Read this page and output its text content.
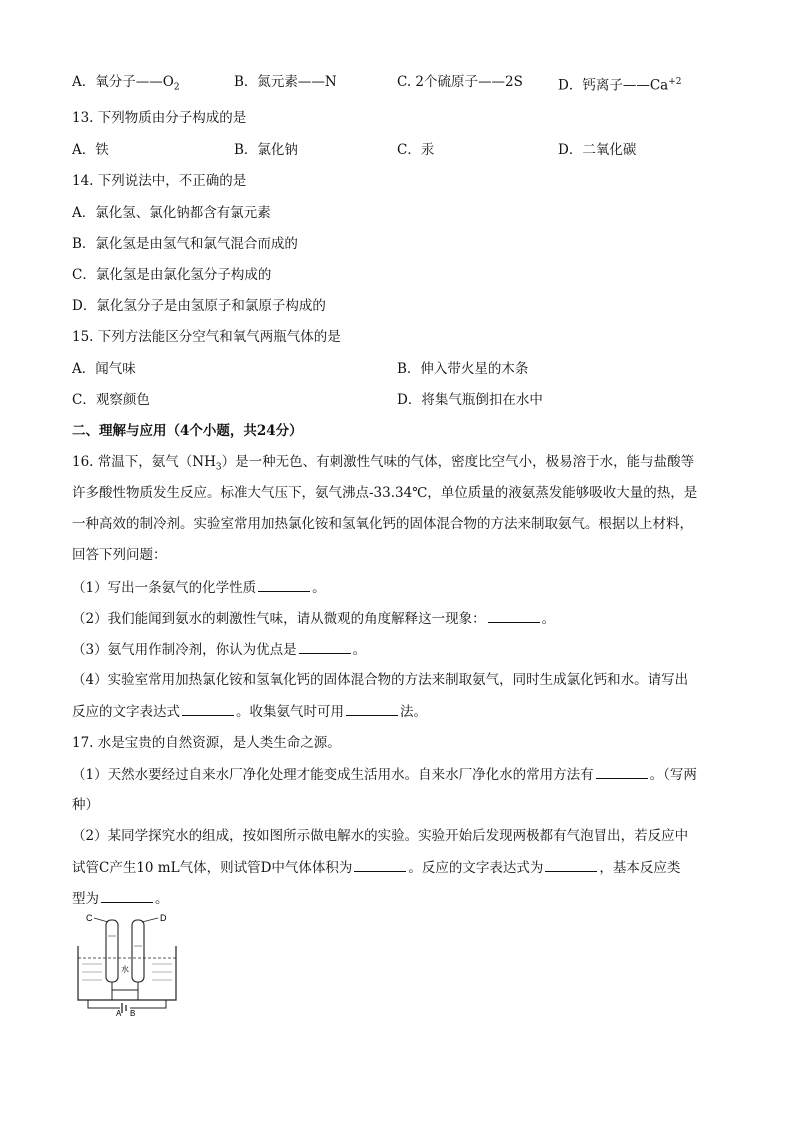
A．氧分子$——O_2$	B．氮元素——N	C. 2个硫原子——2S	D．钙离子$——Ca^{+2}$
13. 下列物质由分子构成的是
A．铁	B．氯化钠	C．汞	D．二氧化碳
14. 下列说法中，不正确的是
A．氯化氢、氯化钠都含有氯元素
B．氯化氢是由氢气和氯气混合而成的
C．氯化氢是由氯化氢分子构成的
D．氯化氢分子是由氢原子和氯原子构成的
15. 下列方法能区分空气和氧气两瓶气体的是
A．闻气味	B．伸入带火星的木条
C．观察颜色	D．将集气瓶倒扣在水中
二、理解与应用（4个小题，共24分）
16. 常温下，氨气$(NH_3)$是一种无色、有刺激性气味的气体，密度比空气小，极易溶于水，能与盐酸等
许多酸性物质发生反应。标准大气压下，氨气沸点-33.34℃，单位质量的液氨蒸发能够吸收大量的热，是
一种高效的制冷剂。实验室常用加热氯化铵和氢氧化钙的固体混合物的方法来制取氨气。根据以上材料，
回答下列问题：
（1）写出一条氨气的化学性质	。
（2）我们能闻到氨水的刺激性气味，请从微观的角度解释这一现象：	。
（3）氨气用作制冷剂，你认为优点是	。
（4）实验室常用加热氯化铵和氢氧化钙的固体混合物的方法来制取氨气，同时生成氯化钙和水。请写出
反应的文字表达式	。收集氨气时可用	法。
17. 水是宝贵的自然资源，是人类生命之源。
（1）天然水要经过自来水厂净化处理才能变成生活用水。自来水厂净化水的常用方法有	。（写两
种）
（2）某同学探究水的组成，按如图所示做电解水的实验。实验开始后发现两极都有气泡冒出，若反应中
试管C产生10 mL气体，则试管D中气体体积为	。反应的文字表达式为	，基本反应类
型为	。
C	D
A B
水
